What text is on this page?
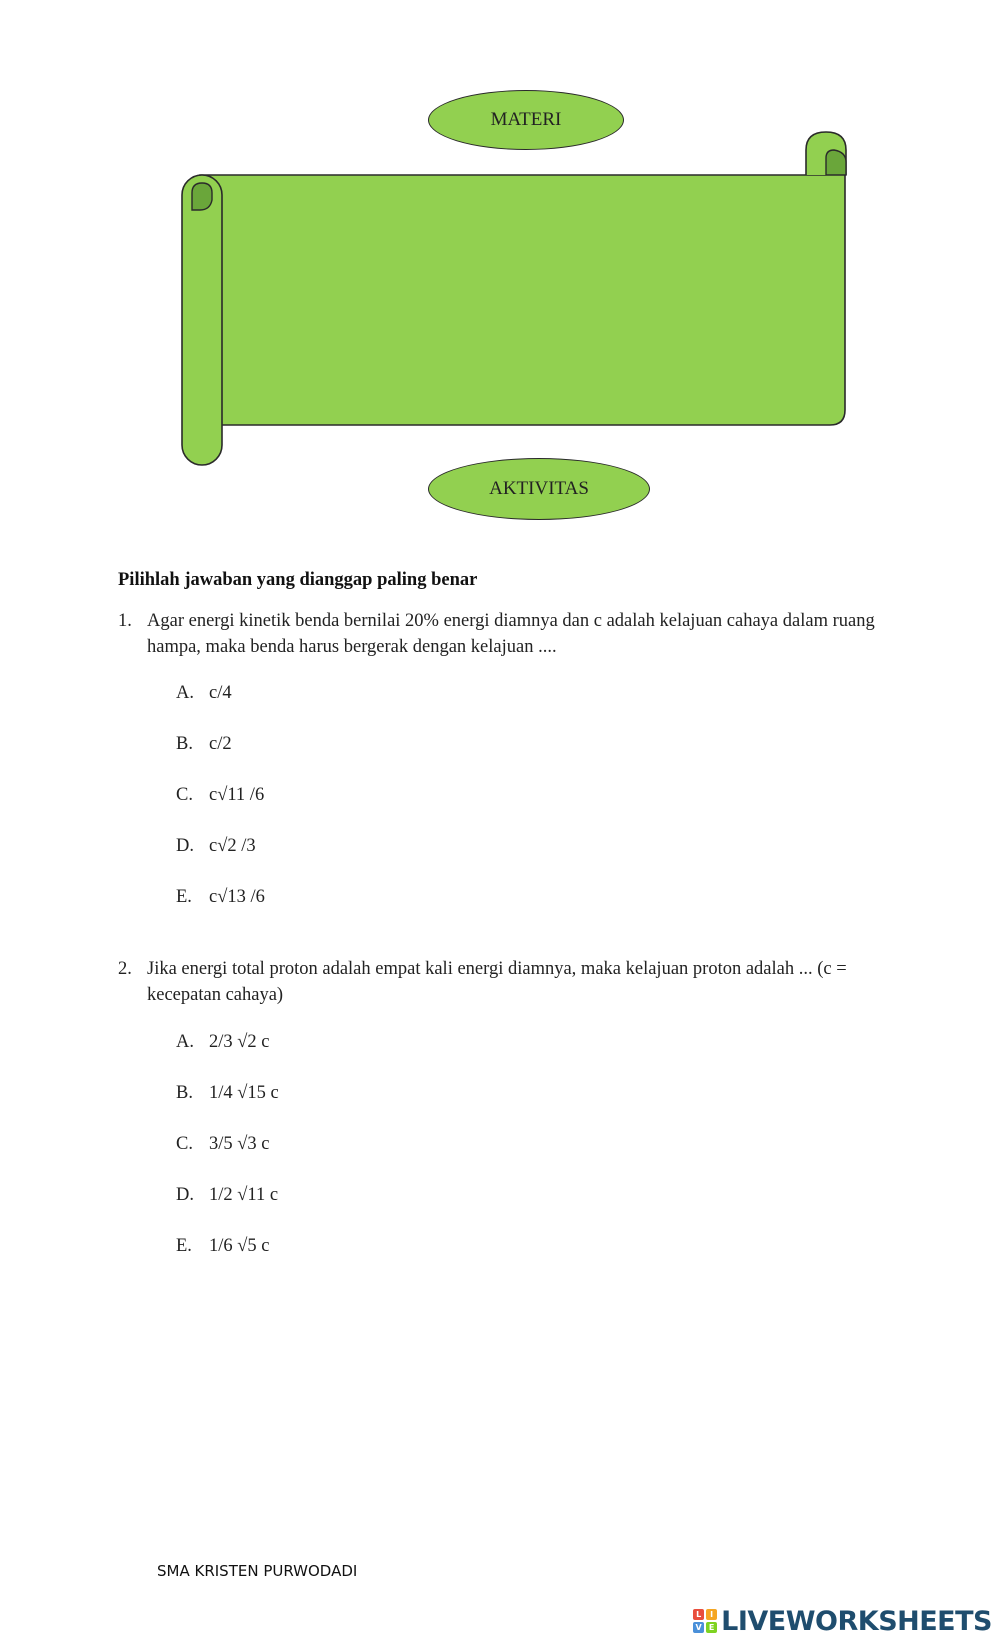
MATERI
AKTIVITAS
Pilihlah jawaban yang dianggap paling benar
1. Agar energi kinetik benda bernilai 20% energi diamnya dan c adalah kelajuan cahaya dalam ruang hampa, maka benda harus bergerak dengan kelajuan ....
A. c/4
B. c/2
C. c√11 /6
D. c√2 /3
E. c√13 /6
2. Jika energi total proton adalah empat kali energi diamnya, maka kelajuan proton adalah ... (c = kecepatan cahaya)
A. 2/3 √2 c
B. 1/4 √15 c
C. 3/5 √3 c
D. 1/2 √11 c
E. 1/6 √5 c
SMA KRISTEN PURWODADI
L	I
V E LIVEWORKSHEETS
